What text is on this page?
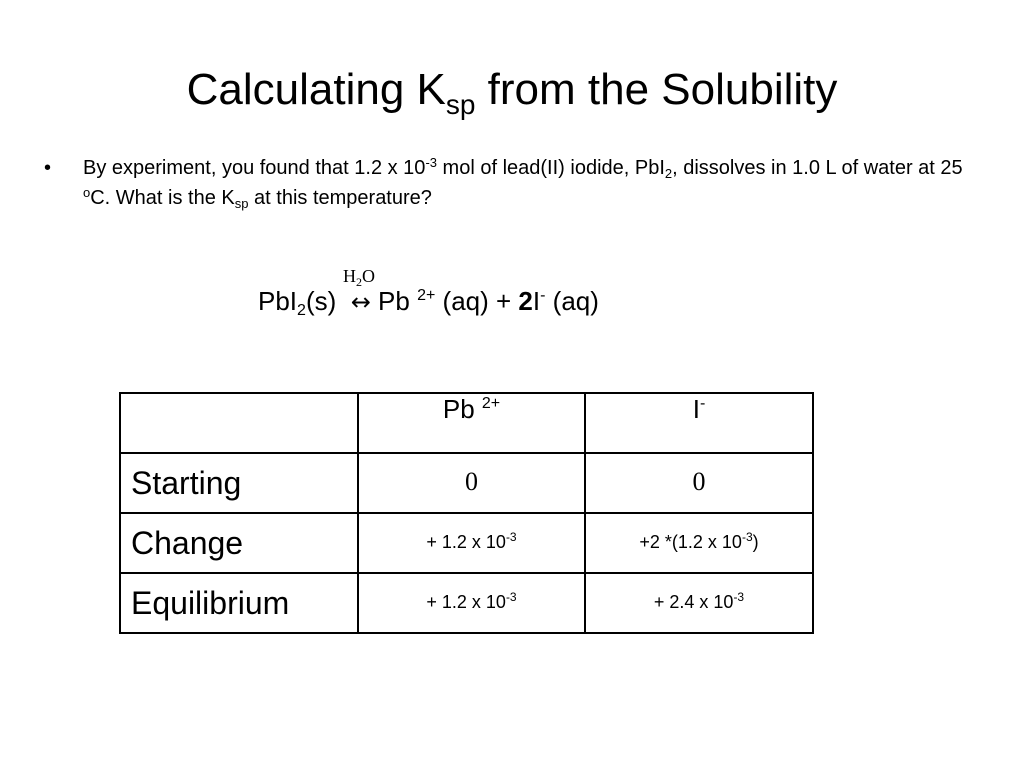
Calculating $K_{sp}$ from the Solubility
• By experiment, you found that 1.2 x $10^{-3}$ mol of lead(II) iodide, PbI$_2$, dissolves in 1.0 L of water at 25 $^o$C. What is the $K_{sp}$ at this temperature?
$H_2O$
PbI$_2$(s) ↔ Pb $^{2+}$ (aq) + 2I- (aq)
	Pb $^{2+}$	I-
Starting	0	0
Change	+ 1.2 x $10^{-3}$	+2 *(1.2 x $10^{-3}$)
Equilibrium	+ 1.2 x $10^{-3}$	+ 2.4 x $10^{-3}$
